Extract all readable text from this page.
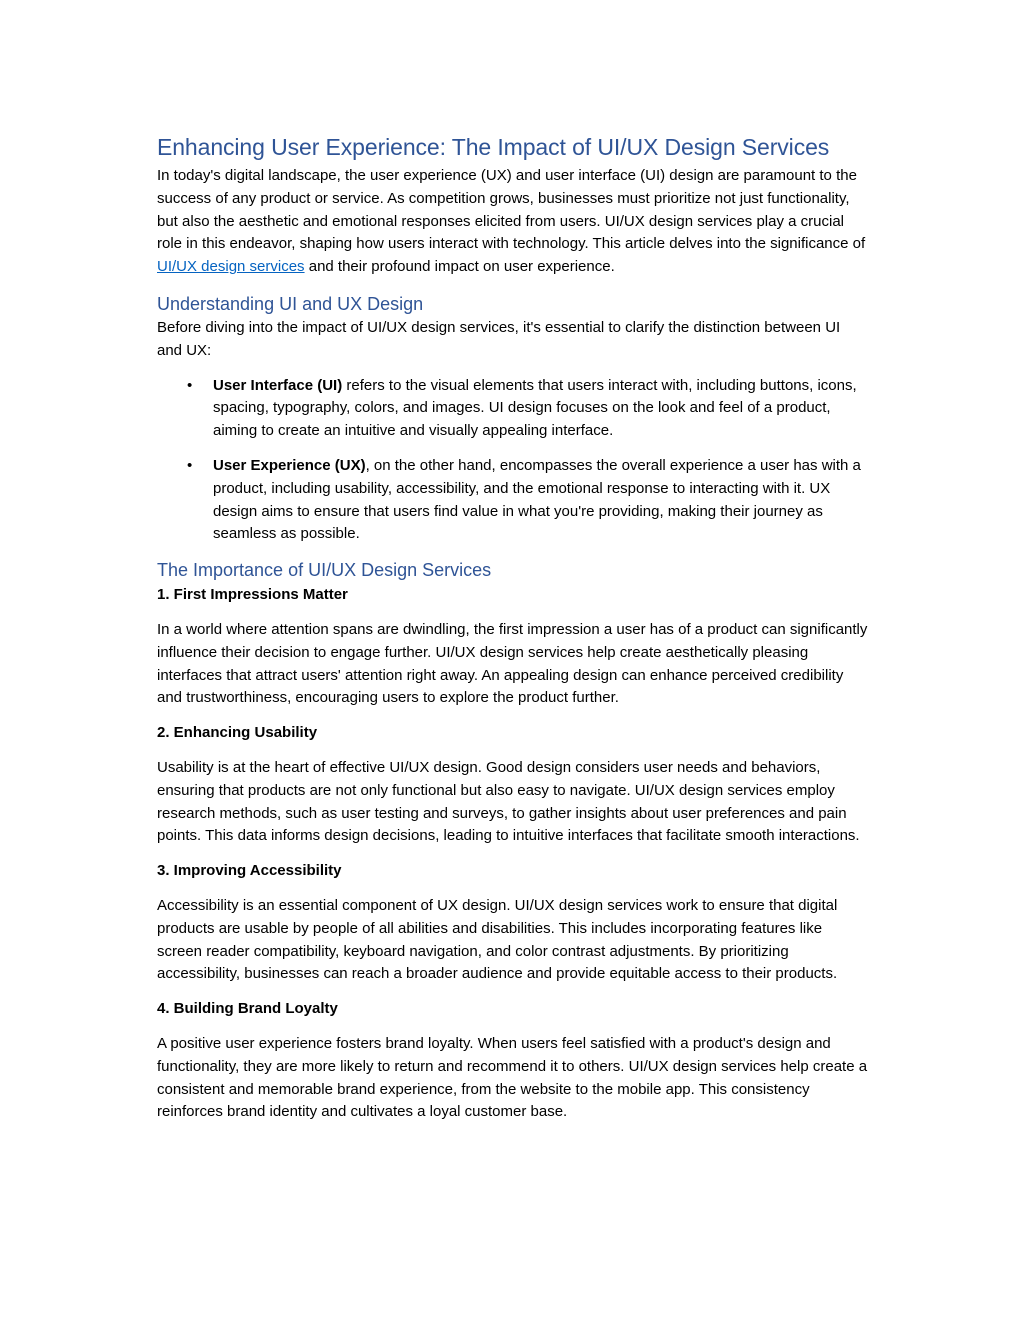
Enhancing User Experience: The Impact of UI/UX Design Services

In today's digital landscape, the user experience (UX) and user interface (UI) design are paramount to the success of any product or service. As competition grows, businesses must prioritize not just functionality, but also the aesthetic and emotional responses elicited from users. UI/UX design services play a crucial role in this endeavor, shaping how users interact with technology. This article delves into the significance of UI/UX design services and their profound impact on user experience.

Understanding UI and UX Design

Before diving into the impact of UI/UX design services, it's essential to clarify the distinction between UI and UX:

• User Interface (UI) refers to the visual elements that users interact with, including buttons, icons, spacing, typography, colors, and images. UI design focuses on the look and feel of a product, aiming to create an intuitive and visually appealing interface.
• User Experience (UX), on the other hand, encompasses the overall experience a user has with a product, including usability, accessibility, and the emotional response to interacting with it. UX design aims to ensure that users find value in what you're providing, making their journey as seamless as possible.
The Importance of UI/UX Design Services

1. First Impressions Matter

In a world where attention spans are dwindling, the first impression a user has of a product can significantly influence their decision to engage further. UI/UX design services help create aesthetically pleasing interfaces that attract users' attention right away. An appealing design can enhance perceived credibility and trustworthiness, encouraging users to explore the product further.

2. Enhancing Usability

Usability is at the heart of effective UI/UX design. Good design considers user needs and behaviors, ensuring that products are not only functional but also easy to navigate. UI/UX design services employ research methods, such as user testing and surveys, to gather insights about user preferences and pain points. This data informs design decisions, leading to intuitive interfaces that facilitate smooth interactions.

3. Improving Accessibility

Accessibility is an essential component of UX design. UI/UX design services work to ensure that digital products are usable by people of all abilities and disabilities. This includes incorporating features like screen reader compatibility, keyboard navigation, and color contrast adjustments. By prioritizing accessibility, businesses can reach a broader audience and provide equitable access to their products.

4. Building Brand Loyalty

A positive user experience fosters brand loyalty. When users feel satisfied with a product's design and functionality, they are more likely to return and recommend it to others. UI/UX design services help create a consistent and memorable brand experience, from the website to the mobile app. This consistency reinforces brand identity and cultivates a loyal customer base.
